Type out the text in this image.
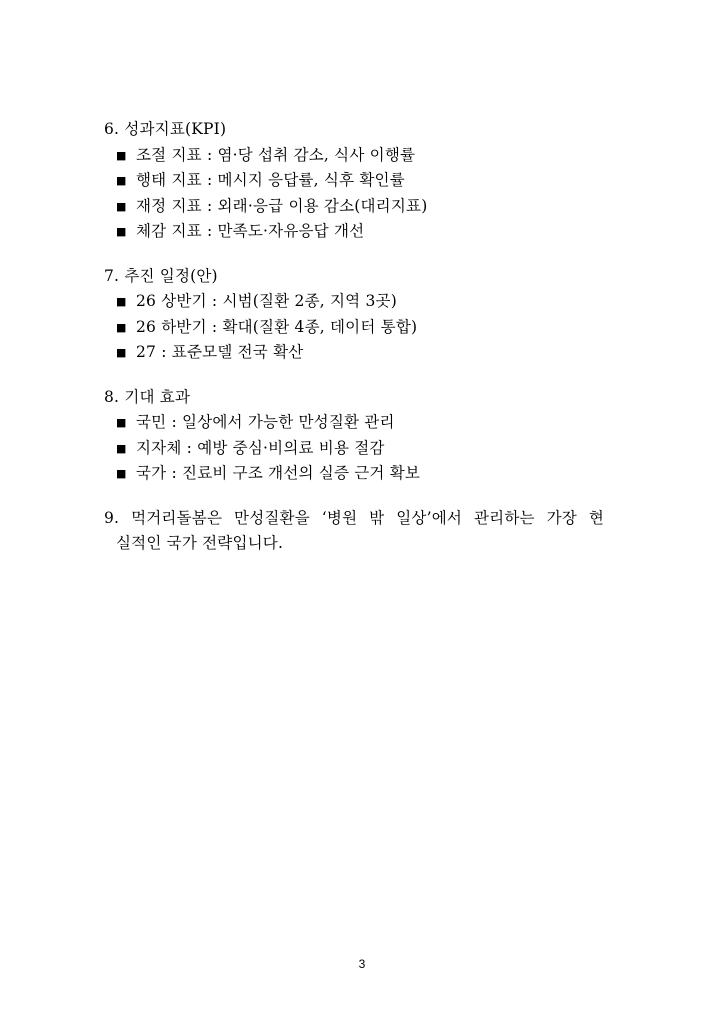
6. 성과지표(KPI)
■ 조절 지표 : 염·당 섭취 감소, 식사 이행률
■ 행태 지표 : 메시지 응답률, 식후 확인률
■ 재정 지표 : 외래·응급 이용 감소(대리지표)
■ 체감 지표 : 만족도·자유응답 개선
7. 추진 일정(안)
■ 26 상반기 : 시범(질환 2종, 지역 3곳)
■ 26 하반기 : 확대(질환 4종, 데이터 통합)
■ 27 : 표준모델 전국 확산
8. 기대 효과
■ 국민 : 일상에서 가능한 만성질환 관리
■ 지자체 : 예방 중심·비의료 비용 절감
■ 국가 : 진료비 구조 개선의 실증 근거 확보
9. 먹거리돌봄은 만성질환을 ‘병원 밖 일상’에서 관리하는 가장 현
실적인 국가 전략입니다.
3
